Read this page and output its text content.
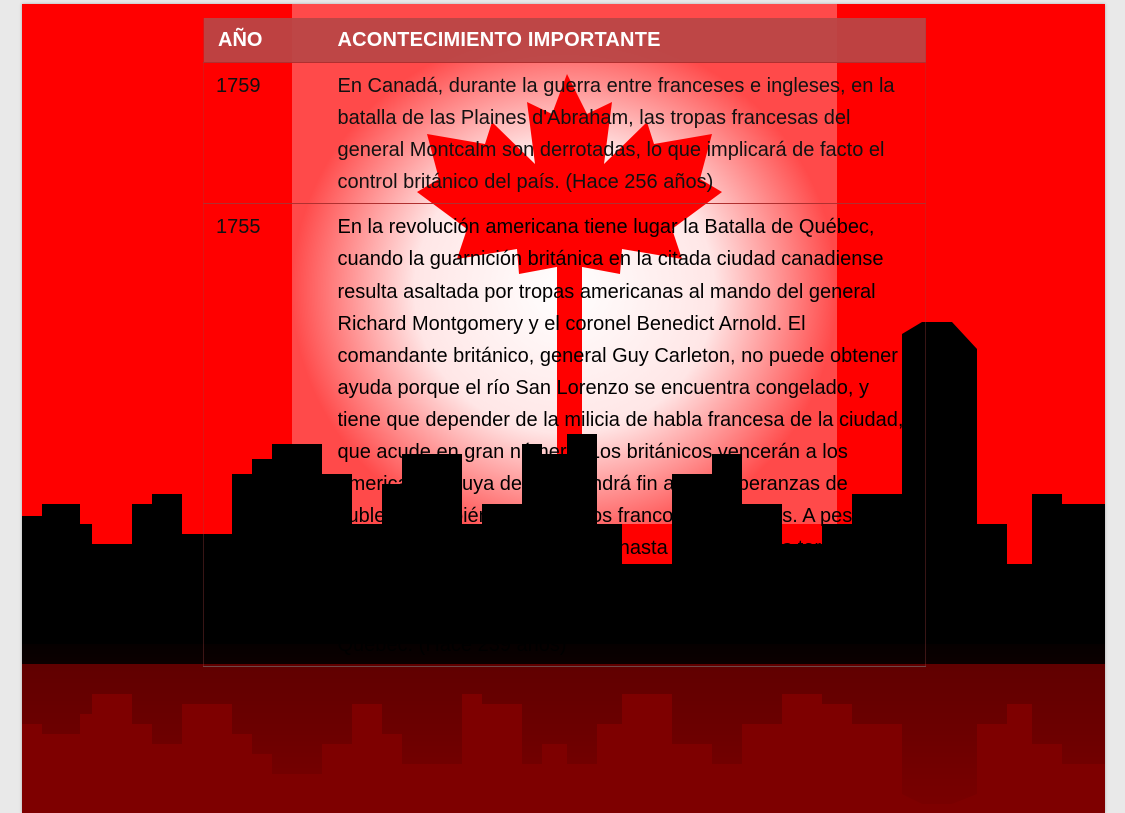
AÑO	ACONTECIMIENTO IMPORTANTE
1759	En Canadá, durante la guerra entre franceses e ingleses, en la batalla de las Plaines d'Abraham, las tropas francesas del general Montcalm son derrotadas, lo que implicará de facto el control británico del país. (Hace 256 años)
1755	En la revolución americana tiene lugar la Batalla de Québec, cuando la guarnición británica en la citada ciudad canadiense resulta asaltada por tropas americanas al mando del general Richard Montgomery y el coronel Benedict Arnold. El comandante británico, general Guy Carleton, no puede obtener ayuda porque el río San Lorenzo se encuentra congelado, y tiene que depender de la milicia de habla francesa de la ciudad, que acude en gran número. Los británicos vencerán a los americanos, cuya derrota pondrá fin a sus esperanzas de sublevar también a los colonos franco-canadienses. A pesar de la victoria en la batalla, no será hasta 6 meses más tarde cuando se logre rechazar totalmente la invasión, con la llegada de 4.000 soldados, lo que obligará a los americanos a abandonar Québec. (Hace 239 años)
